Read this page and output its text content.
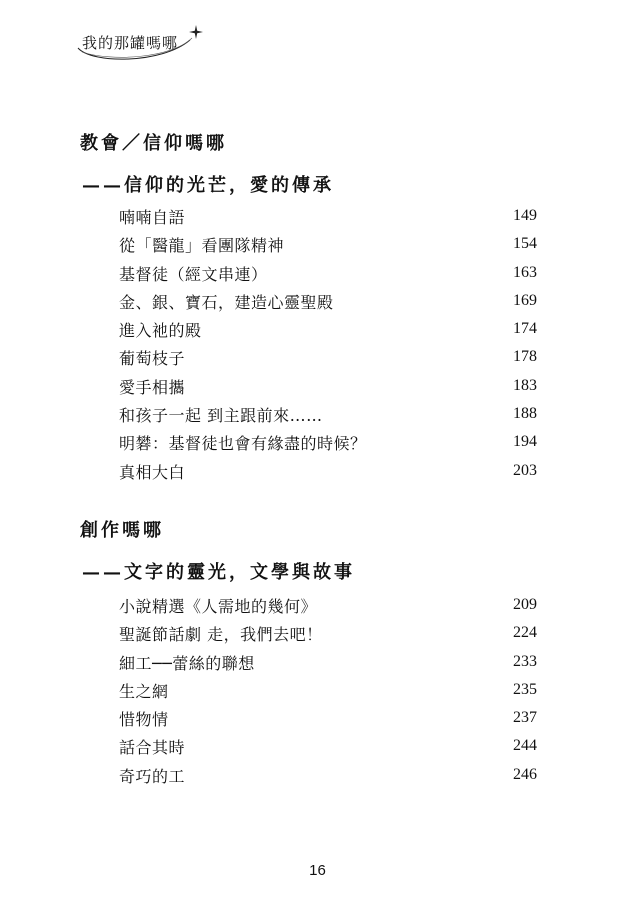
我的那罐嗎哪
教會／信仰嗎哪
——信仰的光芒，愛的傳承
喃喃自語	149
從「醫龍」看團隊精神	154
基督徒（經文串連）	163
金、銀、寶石，建造心靈聖殿	169
進入祂的殿	174
葡萄枝子	178
愛手相攜	183
和孩子一起 到主跟前來……	188
明礬：基督徒也會有緣盡的時候？	194
真相大白	203
創作嗎哪
——文字的靈光，文學與故事
小說精選《人需地的幾何》	209
聖誕節話劇 走，我們去吧！	224
細工──蕾絲的聯想	233
生之網	235
惜物情	237
話合其時	244
奇巧的工	246
16
